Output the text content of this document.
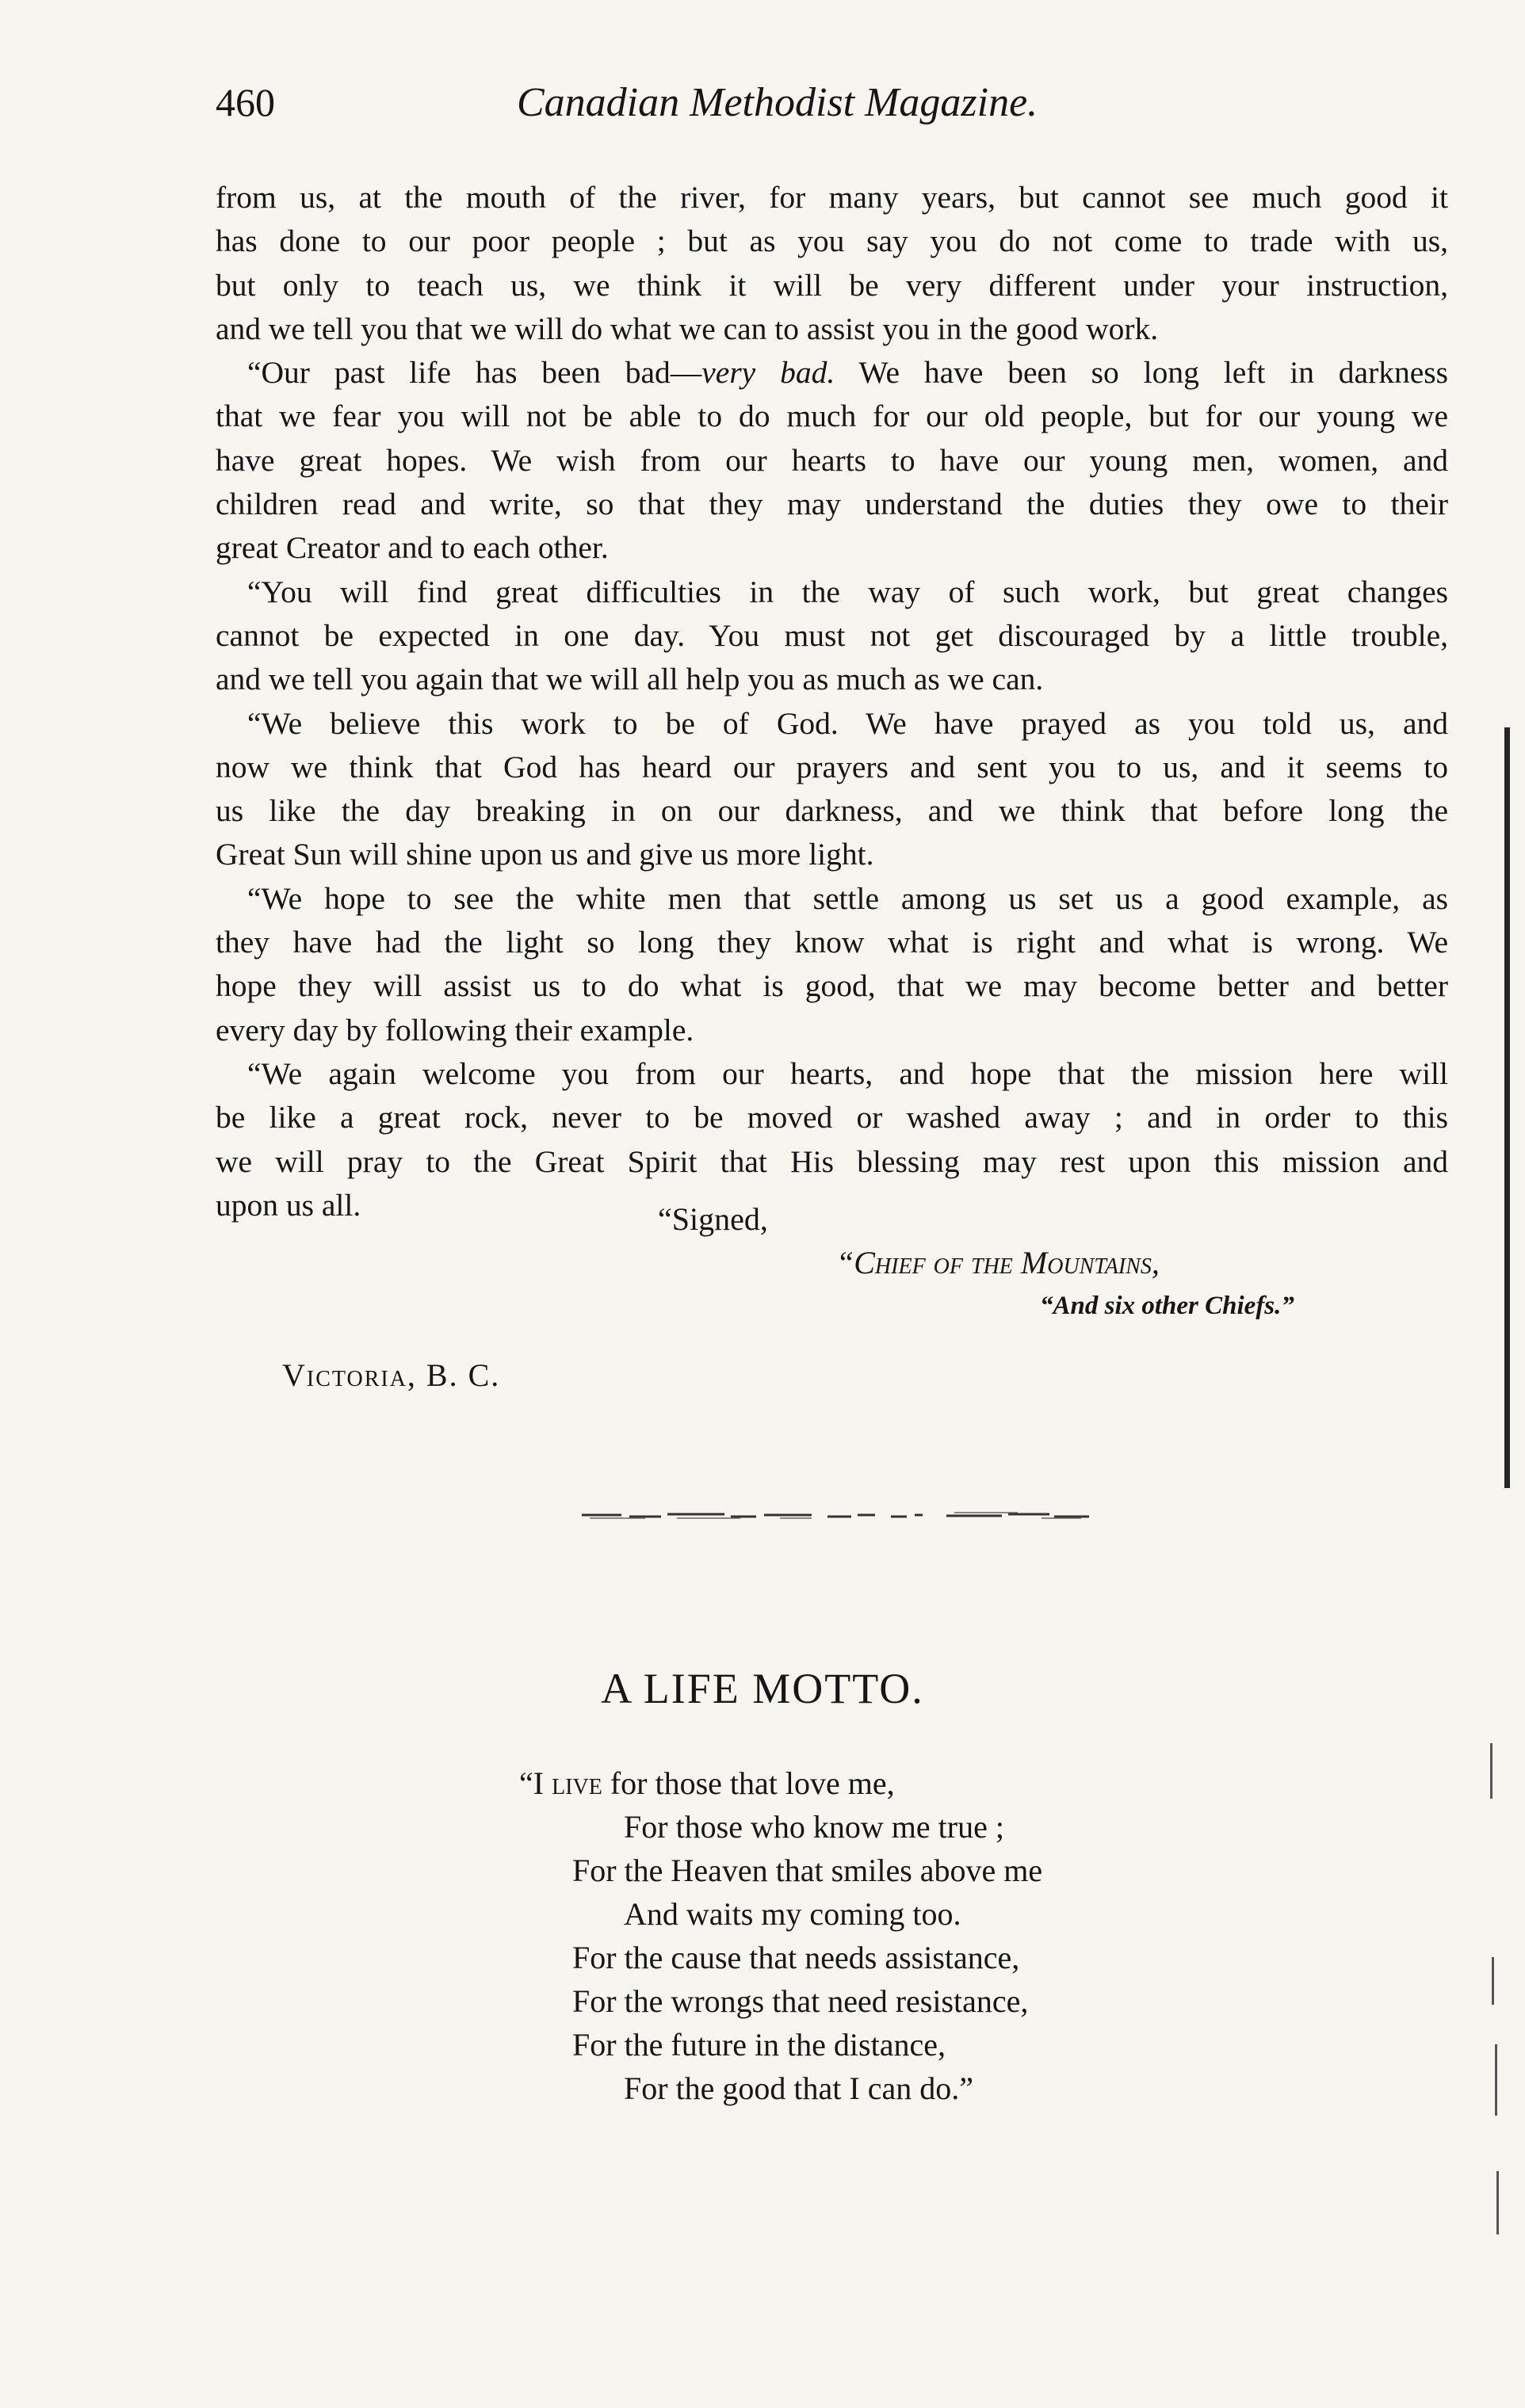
460	Canadian Methodist Magazine.

from us, at the mouth of the river, for many years, but cannot see much good it

has done to our poor people ; but as you say you do not come to trade with us,

but only to teach us, we think it will be very different under your instruction,

and we tell you that we will do what we can to assist you in the good work.

“Our past life has been bad—very bad. We have been so long left in darkness

that we fear you will not be able to do much for our old people, but for our young we

have great hopes. We wish from our hearts to have our young men, women, and

children read and write, so that they may understand the duties they owe to their

great Creator and to each other.

“You will find great difficulties in the way of such work, but great changes

cannot be expected in one day. You must not get discouraged by a little trouble,

and we tell you again that we will all help you as much as we can.

“We believe this work to be of God. We have prayed as you told us, and

now we think that God has heard our prayers and sent you to us, and it seems to

us like the day breaking in on our darkness, and we think that before long the

Great Sun will shine upon us and give us more light.

“We hope to see the white men that settle among us set us a good example, as

they have had the light so long they know what is right and what is wrong. We

hope they will assist us to do what is good, that we may become better and better

every day by following their example.

“We again welcome you from our hearts, and hope that the mission here will

be like a great rock, never to be moved or washed away ; and in order to this

we will pray to the Great Spirit that His blessing may rest upon this mission and

upon us all.	“Signed,
“Chief of the Mountains,
“And six other Chiefs.”
Victoria, B. C.
A LIFE MOTTO.
“I live for those that love me,
For those who know me true ;
For the Heaven that smiles above me
And waits my coming too.
For the cause that needs assistance,
For the wrongs that need resistance,
For the future in the distance,
For the good that I can do.”
